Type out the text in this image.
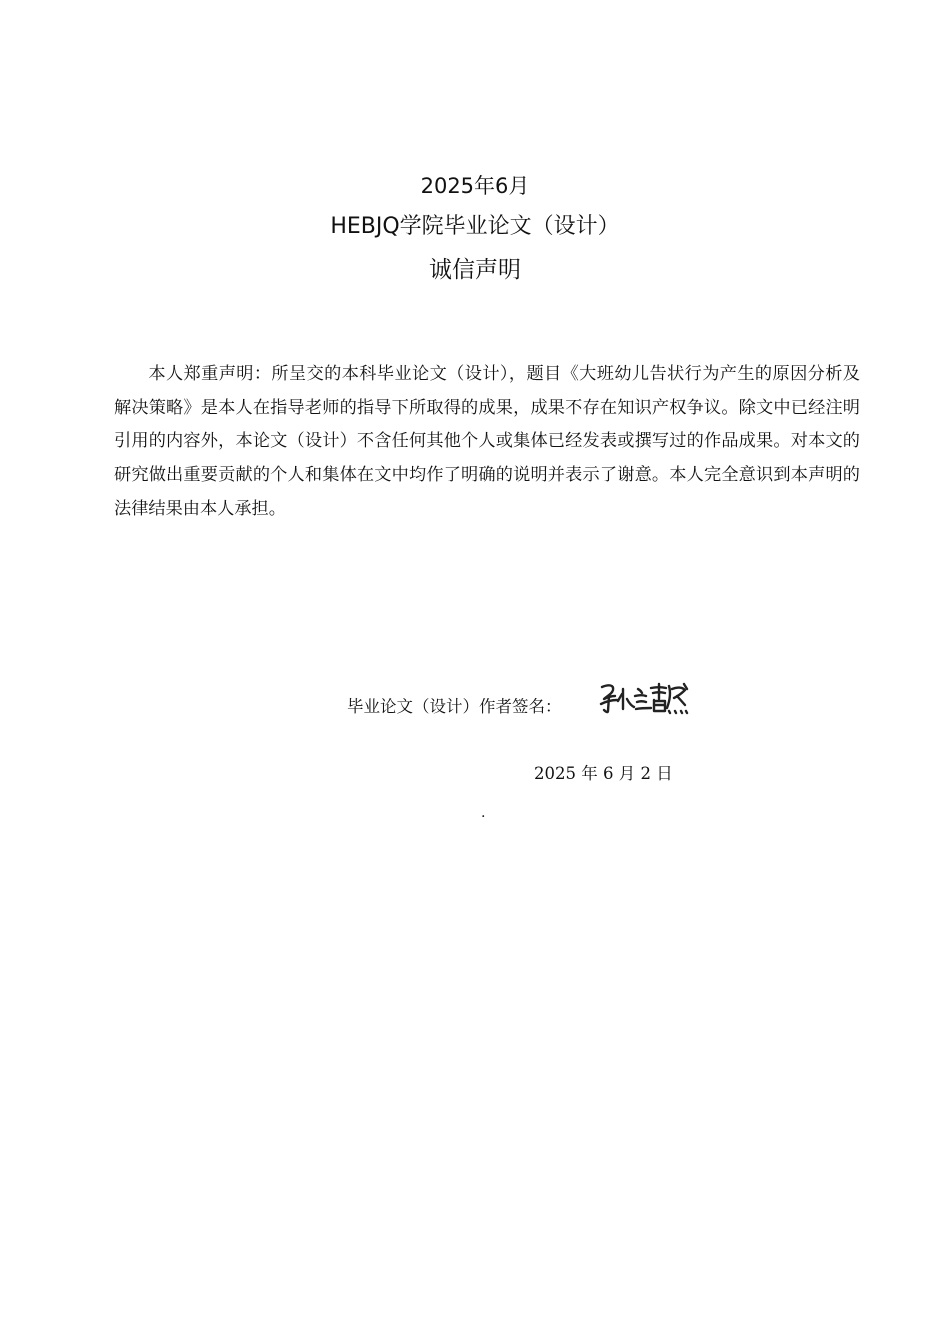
2025年6月
HEBJQ学院毕业论文（设计）
诚信声明

本人郑重声明：所呈交的本科毕业论文（设计），题目《大班幼儿告状行为产生的原因分析及解决策略》是本人在指导老师的指导下所取得的成果，成果不存在知识产权争议。除文中已经注明引用的内容外，本论文（设计）不含任何其他个人或集体已经发表或撰写过的作品成果。对本文的研究做出重要贡献的个人和集体在文中均作了明确的说明并表示了谢意。本人完全意识到本声明的法律结果由本人承担。

毕业论文（设计）作者签名：
2025 年 6 月 2 日
.
